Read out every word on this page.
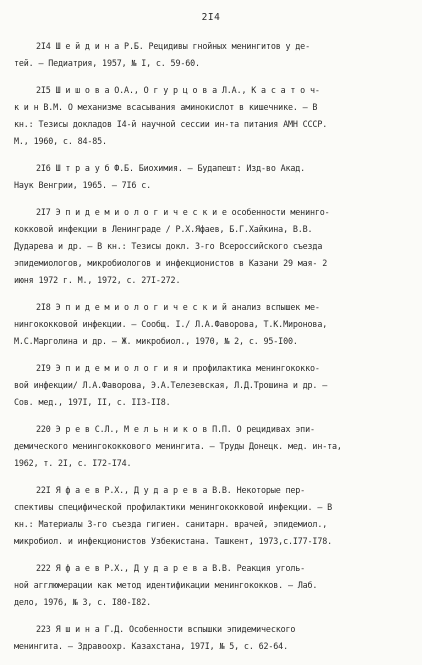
2I4
2I4 Ш е й д и н а Р.Б. Рецидивы гнойных менингитов у де-
тей. – Педиатрия, 1957, № I, с. 59-60.
2I5 Ш и ш о в а О.А., О г у р ц о в а Л.А., К а с а т о ч-
к и н В.М. О механизме всасывания аминокислот в кишечнике. – В
кн.: Тезисы докладов I4-й научной сессии ин-та питания АМН СССР.
М., 1960, с. 84-85.
2I6 Ш т р а у б Ф.Б. Биохимия. – Будапешт: Изд-во Акад.
Наук Венгрии, 1965. – 7I6 с.
2I7 Э п и д е м и о л о г и ч е с к и е особенности менинго-
кокковой инфекции в Ленинграде / Р.Х.Яфаев, Б.Г.Хайкина, В.В.
Дударева и др. – В кн.: Тезисы докл. 3-го Всероссийского съезда
эпидемиологов, микробиологов и инфекционистов в Казани 29 мая- 2
июня 1972 г. М., 1972, с. 27I-272.
2I8 Э п и д е м и о л о г и ч е с к и й анализ вспышек ме-
нингококковой инфекции. – Сообщ. I./ Л.А.Фаворова, Т.К.Миронова,
М.С.Марголина и др. – Ж. микробиол., 1970, № 2, с. 95-I00.
2I9 Э п и д е м и о л о г и я и профилактика менингококко-
вой инфекции/ Л.А.Фаворова, Э.А.Телезевская, Л.Д.Трошина и др. –
Сов. мед., 197I, II, с. II3-II8.
220 Э р е в С.Л., М е л ь н и к о в П.П. О рецидивах эпи-
демического менингококкового менингита. – Труды Донецк. мед. ин-та,
1962, т. 2I, с. I72-I74.
22I Я ф а е в Р.Х., Д у д а р е в а В.В. Некоторые пер-
спективы специфической профилактики менингококковой инфекции. – В
кн.: Материалы 3-го съезда гигиен. санитарн. врачей, эпидемиол.,
микробиол. и инфекционистов Узбекистана. Ташкент, 1973,с.I77-I78.
222 Я ф а е в Р.Х., Д у д а р е в а В.В. Реакция уголь-
ной агглюмерации как метод идентификации менингококков. – Лаб.
дело, 1976, № 3, с. I80-I82.
223 Я ш и н а Г.Д. Особенности вспышки эпидемического
менингита. – Здравоохр. Казахстана, 197I, № 5, с. 62-64.
